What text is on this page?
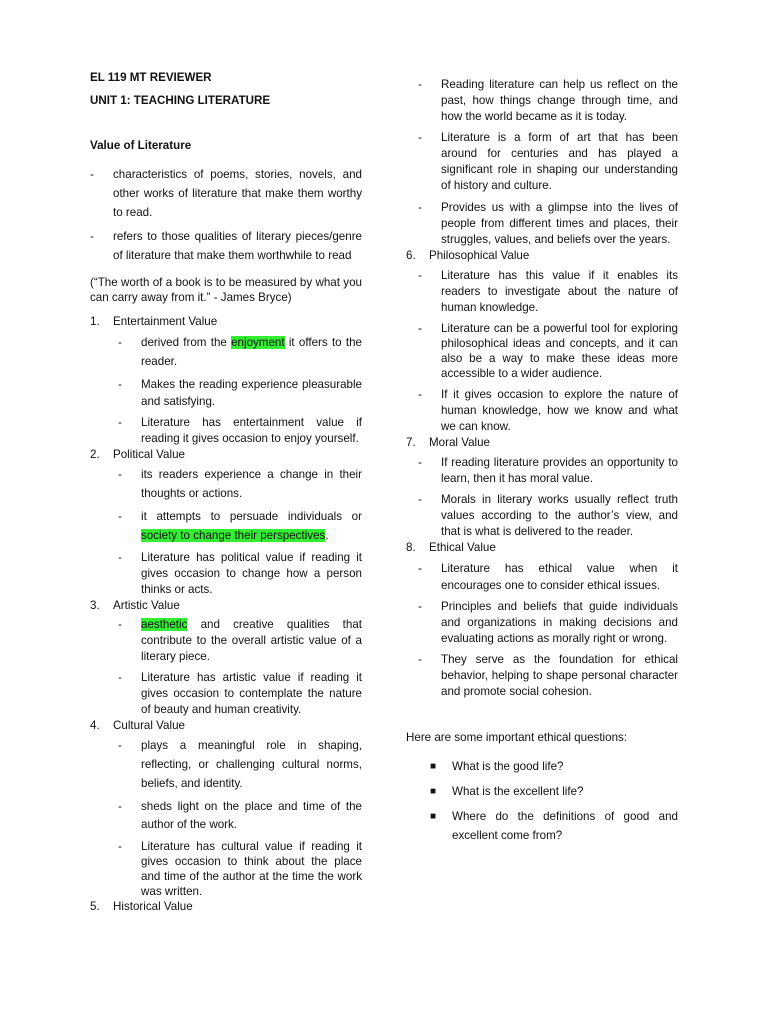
EL 119 MT REVIEWER

UNIT 1: TEACHING LITERATURE

Value of Literature

-	characteristics of poems, stories, novels, and other works of literature that make them worthy to read.
-	refers to those qualities of literary pieces/genre of literature that make them worthwhile to read

(“The worth of a book is to be measured by what you can carry away from it.” - James Bryce)

1. Entertainment Value
-	derived from the enjoyment it offers to the reader.
-	Makes the reading experience pleasurable and satisfying.
-	Literature has entertainment value if reading it gives occasion to enjoy yourself.
2. Political Value
-	its readers experience a change in their thoughts or actions.
-	it attempts to persuade individuals or society to change their perspectives.
-	Literature has political value if reading it gives occasion to change how a person thinks or acts.
3. Artistic Value
-	aesthetic and creative qualities that contribute to the overall artistic value of a literary piece.
-	Literature has artistic value if reading it gives occasion to contemplate the nature of beauty and human creativity.
4. Cultural Value
-	plays a meaningful role in shaping, reflecting, or challenging cultural norms, beliefs, and identity.
-	sheds light on the place and time of the author of the work.
-	Literature has cultural value if reading it gives occasion to think about the place and time of the author at the time the work was written.
5. Historical Value
-	Reading literature can help us reflect on the past, how things change through time, and how the world became as it is today.
-	Literature is a form of art that has been around for centuries and has played a significant role in shaping our understanding of history and culture.
-	Provides us with a glimpse into the lives of people from different times and places, their struggles, values, and beliefs over the years.
6. Philosophical Value
-	Literature has this value if it enables its readers to investigate about the nature of human knowledge.
-	Literature can be a powerful tool for exploring philosophical ideas and concepts, and it can also be a way to make these ideas more accessible to a wider audience.
-	If it gives occasion to explore the nature of human knowledge, how we know and what we can know.
7. Moral Value
-	If reading literature provides an opportunity to learn, then it has moral value.
-	Morals in literary works usually reflect truth values according to the author’s view, and that is what is delivered to the reader.
8. Ethical Value
-	Literature has ethical value when it encourages one to consider ethical issues.
-	Principles and beliefs that guide individuals and organizations in making decisions and evaluating actions as morally right or wrong.
-	They serve as the foundation for ethical behavior, helping to shape personal character and promote social cohesion.

Here are some important ethical questions:

■ What is the good life?
■ What is the excellent life?
■ Where do the definitions of good and excellent come from?
